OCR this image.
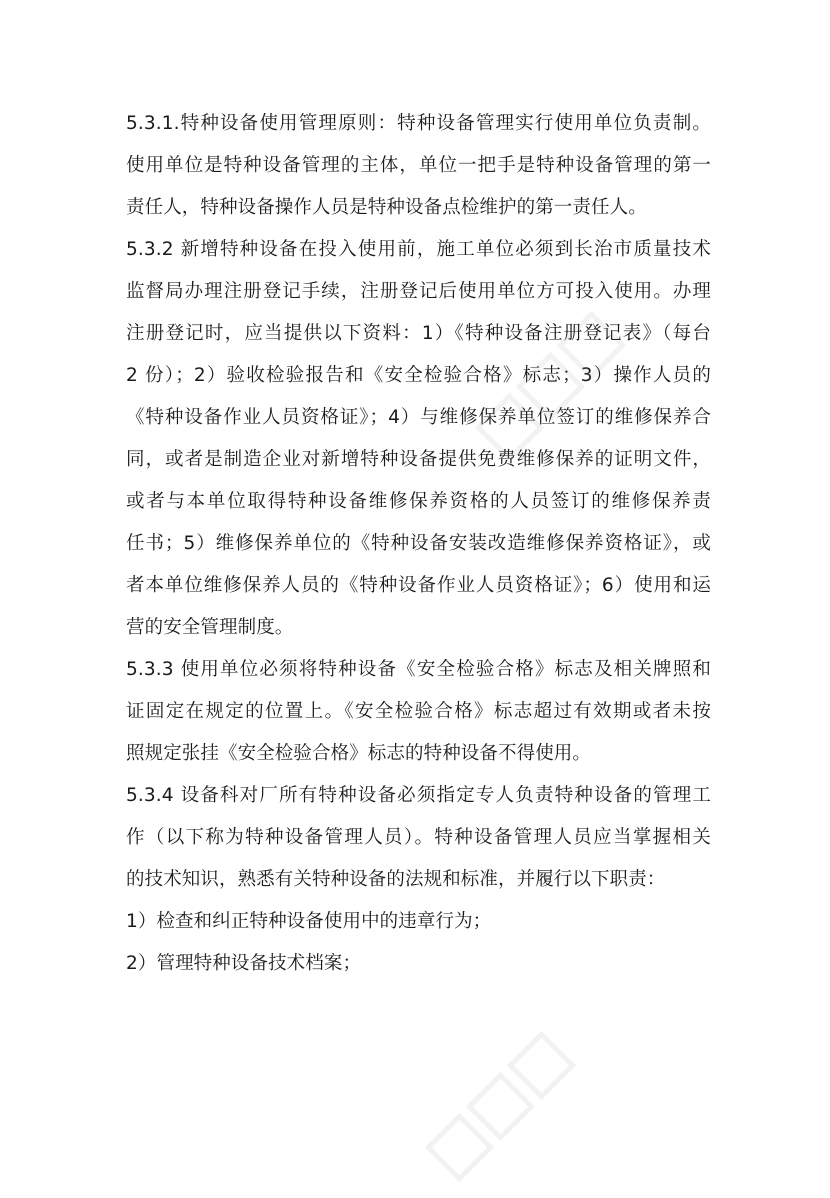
5.3.1.特种设备使用管理原则：特种设备管理实行使用单位负责制。
使用单位是特种设备管理的主体，单位一把手是特种设备管理的第一
责任人，特种设备操作人员是特种设备点检维护的第一责任人。
5.3.2 新增特种设备在投入使用前，施工单位必须到长治市质量技术
监督局办理注册登记手续，注册登记后使用单位方可投入使用。办理
注册登记时，应当提供以下资料：1）《特种设备注册登记表》（每台
2 份）；2）验收检验报告和《安全检验合格》标志；3）操作人员的
《特种设备作业人员资格证》；4）与维修保养单位签订的维修保养合
同，或者是制造企业对新增特种设备提供免费维修保养的证明文件，
或者与本单位取得特种设备维修保养资格的人员签订的维修保养责
任书；5）维修保养单位的《特种设备安装改造维修保养资格证》，或
者本单位维修保养人员的《特种设备作业人员资格证》；6）使用和运
营的安全管理制度。
5.3.3 使用单位必须将特种设备《安全检验合格》标志及相关牌照和
证固定在规定的位置上。《安全检验合格》标志超过有效期或者未按
照规定张挂《安全检验合格》标志的特种设备不得使用。
5.3.4 设备科对厂所有特种设备必须指定专人负责特种设备的管理工
作（以下称为特种设备管理人员）。特种设备管理人员应当掌握相关
的技术知识，熟悉有关特种设备的法规和标准，并履行以下职责：
1）检查和纠正特种设备使用中的违章行为；
2）管理特种设备技术档案；
